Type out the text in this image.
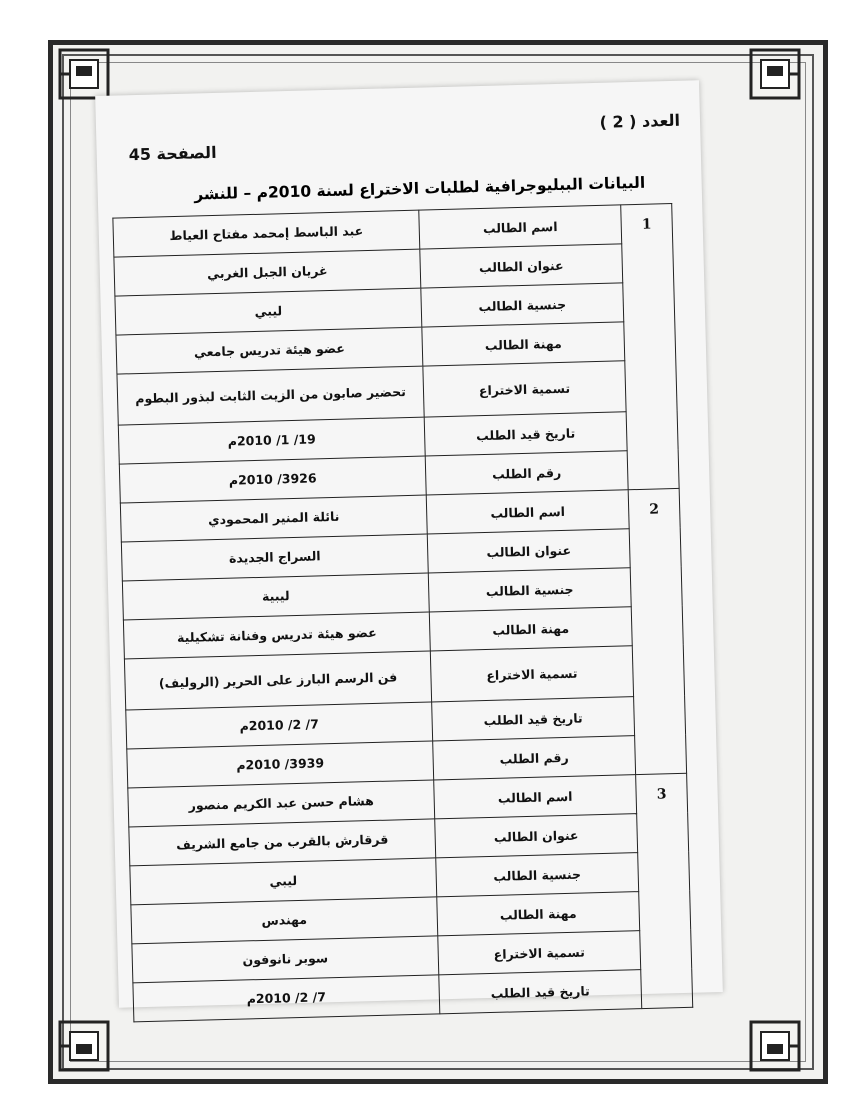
العدد ( 2 )
الصفحة 45
البيانات الببليوجرافية لطلبات الاختراع لسنة 2010م – للنشر
1	اسم الطالب	عبد الباسط إمحمد مفتاح العياط
	عنوان الطالب	غريان الجبل الغربي
	جنسية الطالب	ليبي
	مهنة الطالب	عضو هيئة تدريس جامعي
	تسمية الاختراع	تحضير صابون من الزيت الثابت لبذور البطوم
	تاريخ قيد الطلب	19/ 1/ 2010م
	رقم الطلب	3926/ 2010م
2	اسم الطالب	نائلة المنير المحمودي
	عنوان الطالب	السراج الجديدة
	جنسية الطالب	ليبية
	مهنة الطالب	عضو هيئة تدريس وفنانة تشكيلية
	تسمية الاختراع	فن الرسم البارز على الحرير (الروليف)
	تاريخ قيد الطلب	7/ 2/ 2010م
	رقم الطلب	3939/ 2010م
3	اسم الطالب	هشام حسن عبد الكريم منصور
	عنوان الطالب	قرقارش بالقرب من جامع الشريف
	جنسية الطالب	ليبي
	مهنة الطالب	مهندس
	تسمية الاختراع	سوبر نانوفون
	تاريخ قيد الطلب	7/ 2/ 2010م
